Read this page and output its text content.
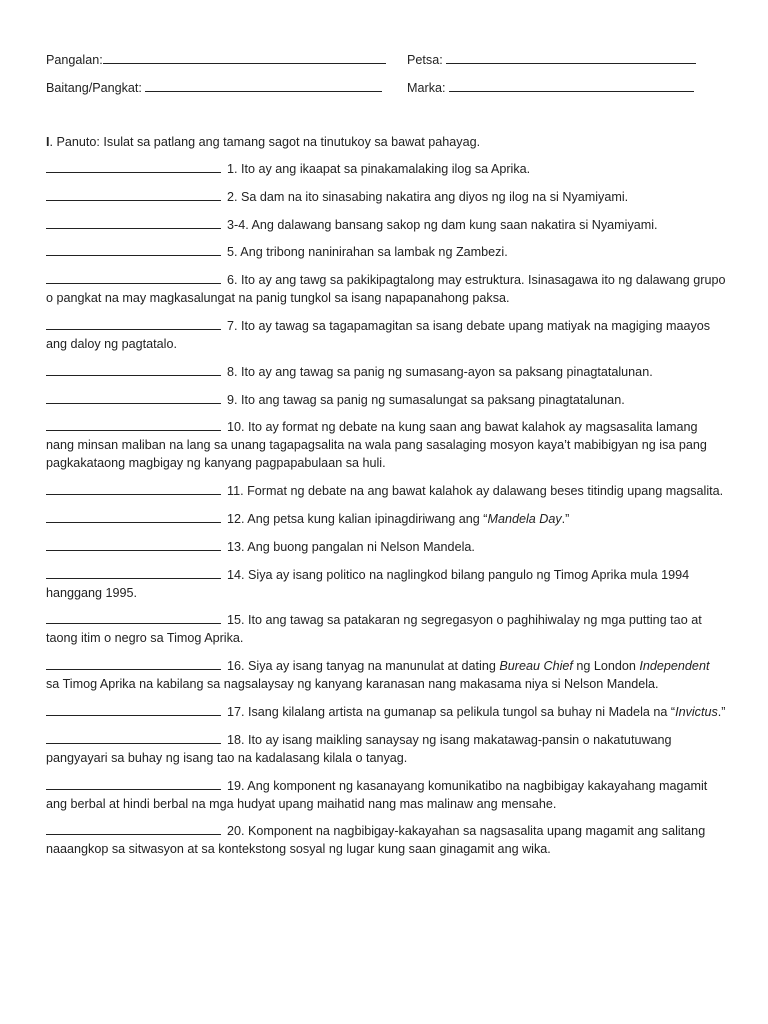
Pangalan:	Petsa:
Baitang/Pangkat:	Marka:
I. Panuto: Isulat sa patlang ang tamang sagot na tinutukoy sa bawat pahayag.
1. Ito ay ang ikaapat sa pinakamalaking ilog sa Aprika.
2. Sa dam na ito sinasabing nakatira ang diyos ng ilog na si Nyamiyami.
3-4. Ang dalawang bansang sakop ng dam kung saan nakatira si Nyamiyami.
5. Ang tribong naninirahan sa lambak ng Zambezi.
6. Ito ay ang tawg sa pakikipagtalong may estruktura. Isinasagawa ito ng dalawang grupo o pangkat na may magkasalungat na panig tungkol sa isang napapanahong paksa.
7. Ito ay tawag sa tagapamagitan sa isang debate upang matiyak na magiging maayos ang daloy ng pagtatalo.
8. Ito ay ang tawag sa panig ng sumasang-ayon sa paksang pinagtatalunan.
9. Ito ang tawag sa panig ng sumasalungat sa paksang pinagtatalunan.
10. Ito ay format ng debate na kung saan ang bawat kalahok ay magsasalita lamang nang minsan maliban na lang sa unang tagapagsalita na wala pang sasalaging mosyon kaya’t mabibigyan ng isa pang pagkakataong magbigay ng kanyang pagpapabulaan sa huli.
11. Format ng debate na ang bawat kalahok ay dalawang beses titindig upang magsalita.
12. Ang petsa kung kalian ipinagdiriwang ang “Mandela Day.”
13. Ang buong pangalan ni Nelson Mandela.
14. Siya ay isang politico na naglingkod bilang pangulo ng Timog Aprika mula 1994 hanggang 1995.
15. Ito ang tawag sa patakaran ng segregasyon o paghihiwalay ng mga putting tao at taong itim o negro sa Timog Aprika.
16. Siya ay isang tanyag na manunulat at dating Bureau Chief ng London Independent sa Timog Aprika na kabilang sa nagsalaysay ng kanyang karanasan nang makasama niya si Nelson Mandela.
17. Isang kilalang artista na gumanap sa pelikula tungol sa buhay ni Madela na “Invictus.”
18. Ito ay isang maikling sanaysay ng isang makatawag-pansin o nakatutuwang pangyayari sa buhay ng isang tao na kadalasang kilala o tanyag.
19. Ang komponent ng kasanayang komunikatibo na nagbibigay kakayahang magamit ang berbal at hindi berbal na mga hudyat upang maihatid nang mas malinaw ang mensahe.
20. Komponent na nagbibigay-kakayahan sa nagsasalita upang magamit ang salitang naaangkop sa sitwasyon at sa kontekstong sosyal ng lugar kung saan ginagamit ang wika.
